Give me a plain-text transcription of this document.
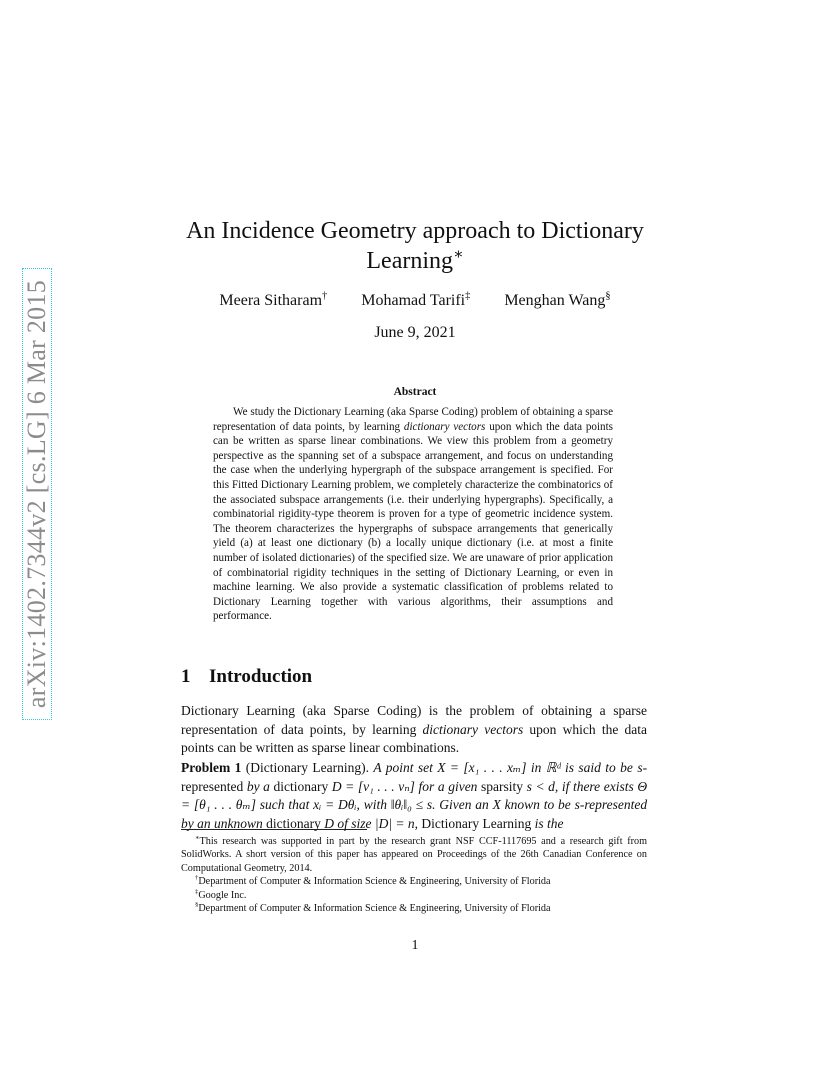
arXiv:1402.7344v2 [cs.LG] 6 Mar 2015
An Incidence Geometry approach to Dictionary Learning∗
Meera Sitharam† Mohamad Tarifi‡ Menghan Wang§
June 9, 2021
Abstract

We study the Dictionary Learning (aka Sparse Coding) problem of obtaining a sparse representation of data points, by learning dictionary vectors upon which the data points can be written as sparse linear combinations. We view this problem from a geometry perspective as the spanning set of a subspace arrangement, and focus on understanding the case when the underlying hypergraph of the subspace arrangement is specified. For this Fitted Dictionary Learning problem, we completely characterize the combinatorics of the associated subspace arrangements (i.e. their underlying hypergraphs). Specifically, a combinatorial rigidity-type theorem is proven for a type of geometric incidence system. The theorem characterizes the hypergraphs of subspace arrangements that generically yield (a) at least one dictionary (b) a locally unique dictionary (i.e. at most a finite number of isolated dictionaries) of the specified size. We are unaware of prior application of combinatorial rigidity techniques in the setting of Dictionary Learning, or even in machine learning. We also provide a systematic classification of problems related to Dictionary Learning together with various algorithms, their assumptions and performance.

1 Introduction

Dictionary Learning (aka Sparse Coding) is the problem of obtaining a sparse representation of data points, by learning dictionary vectors upon which the data points can be written as sparse linear combinations.

Problem 1 (Dictionary Learning). A point set X = [x₁ . . . xₘ] in ℝᵈ is said to be s-represented by a dictionary D = [v₁ . . . vₙ] for a given sparsity s < d, if there exists Θ = [θ₁ . . . θₘ] such that xᵢ = Dθᵢ, with ‖θᵢ‖₀ ≤ s. Given an X known to be s-represented by an unknown dictionary D of size |D| = n, Dictionary Learning is the

∗This research was supported in part by the research grant NSF CCF-1117695 and a research gift from SolidWorks. A short version of this paper has appeared on Proceedings of the 26th Canadian Conference on Computational Geometry, 2014.

†Department of Computer & Information Science & Engineering, University of Florida

‡Google Inc.

§Department of Computer & Information Science & Engineering, University of Florida

1
